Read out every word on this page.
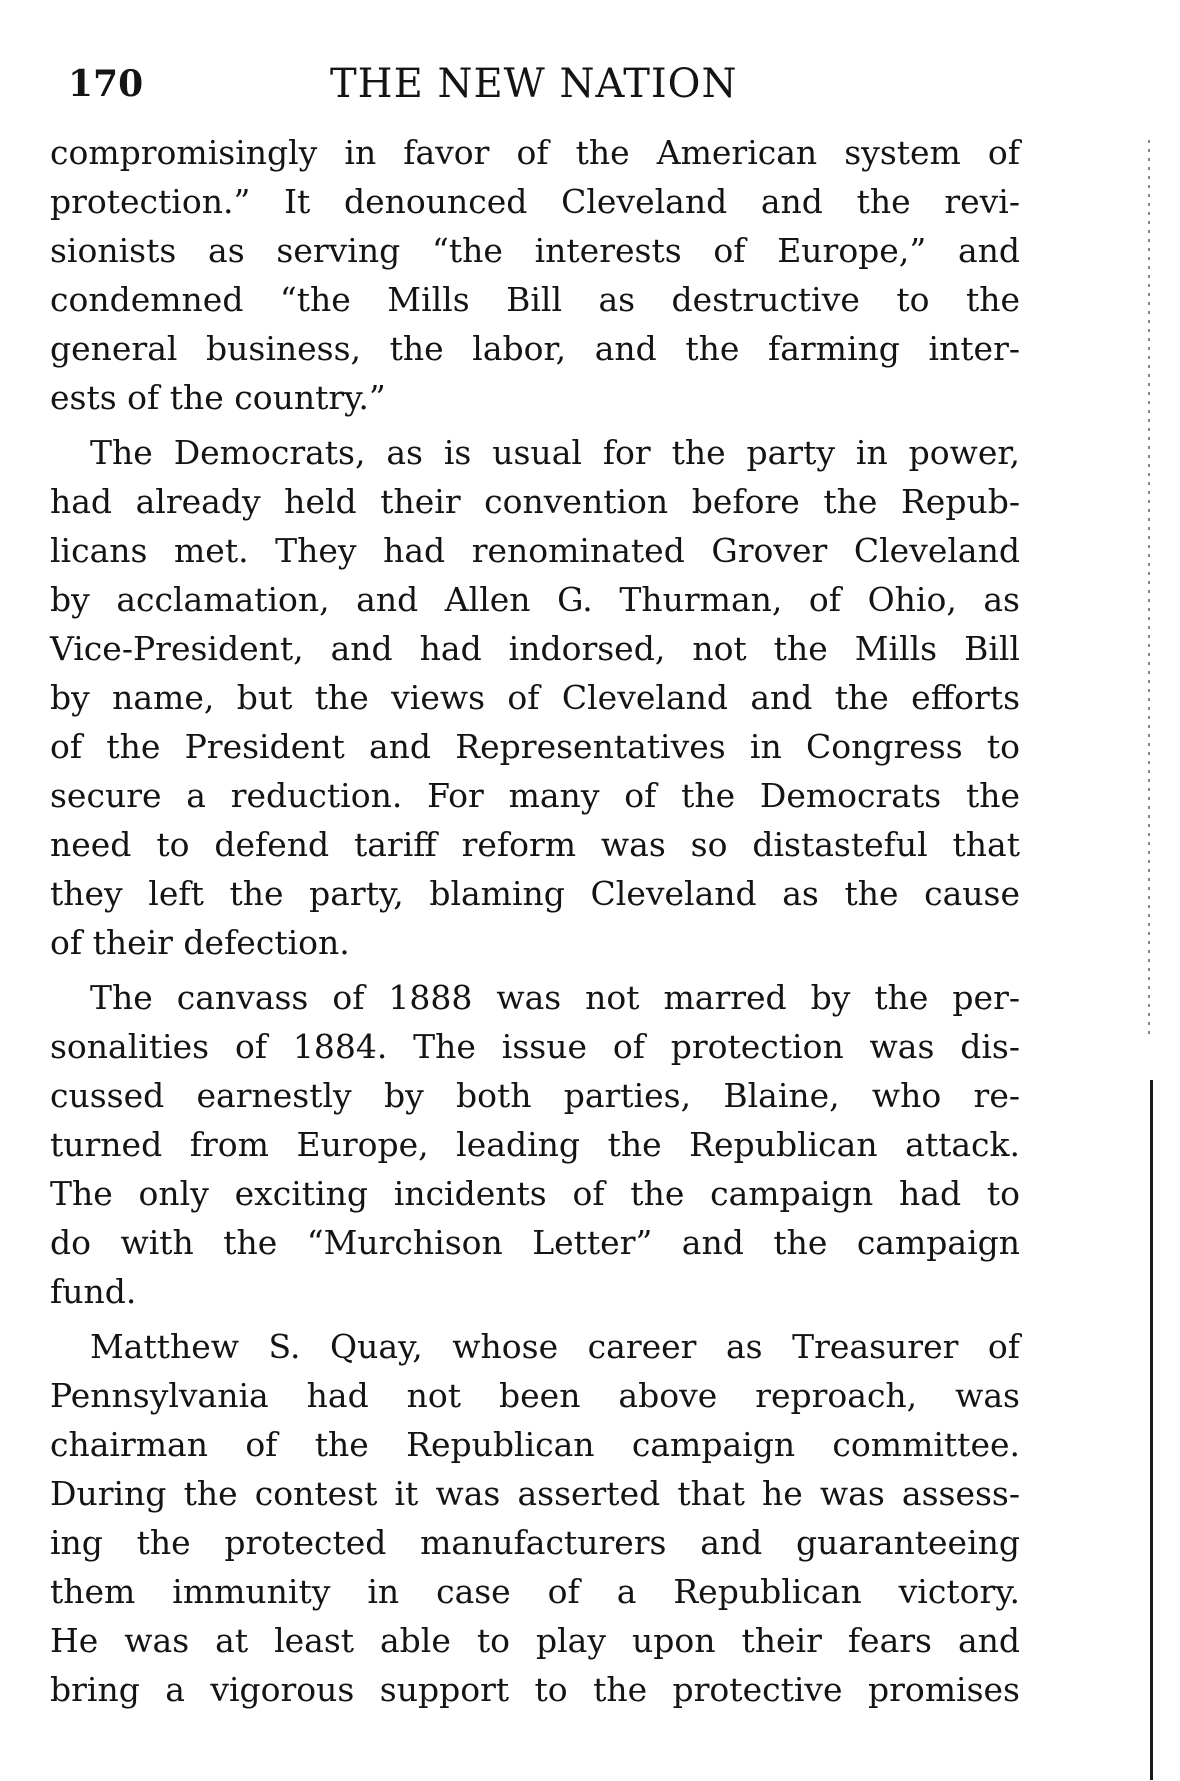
170	THE NEW NATION

compromisingly in favor of the American system of
protection.” It denounced Cleveland and the revi-
sionists as serving “the interests of Europe,” and
condemned “the Mills Bill as destructive to the
general business, the labor, and the farming inter-
ests of the country.”

The Democrats, as is usual for the party in power,
had already held their convention before the Repub-
licans met. They had renominated Grover Cleveland
by acclamation, and Allen G. Thurman, of Ohio, as
Vice-President, and had indorsed, not the Mills Bill
by name, but the views of Cleveland and the efforts
of the President and Representatives in Congress to
secure a reduction. For many of the Democrats the
need to defend tariff reform was so distasteful that
they left the party, blaming Cleveland as the cause
of their defection.

The canvass of 1888 was not marred by the per-
sonalities of 1884. The issue of protection was dis-
cussed earnestly by both parties, Blaine, who re-
turned from Europe, leading the Republican attack.
The only exciting incidents of the campaign had to
do with the “Murchison Letter” and the campaign
fund.

Matthew S. Quay, whose career as Treasurer of
Pennsylvania had not been above reproach, was
chairman of the Republican campaign committee.
During the contest it was asserted that he was assess-
ing the protected manufacturers and guaranteeing
them immunity in case of a Republican victory.
He was at least able to play upon their fears and
bring a vigorous support to the protective promises
